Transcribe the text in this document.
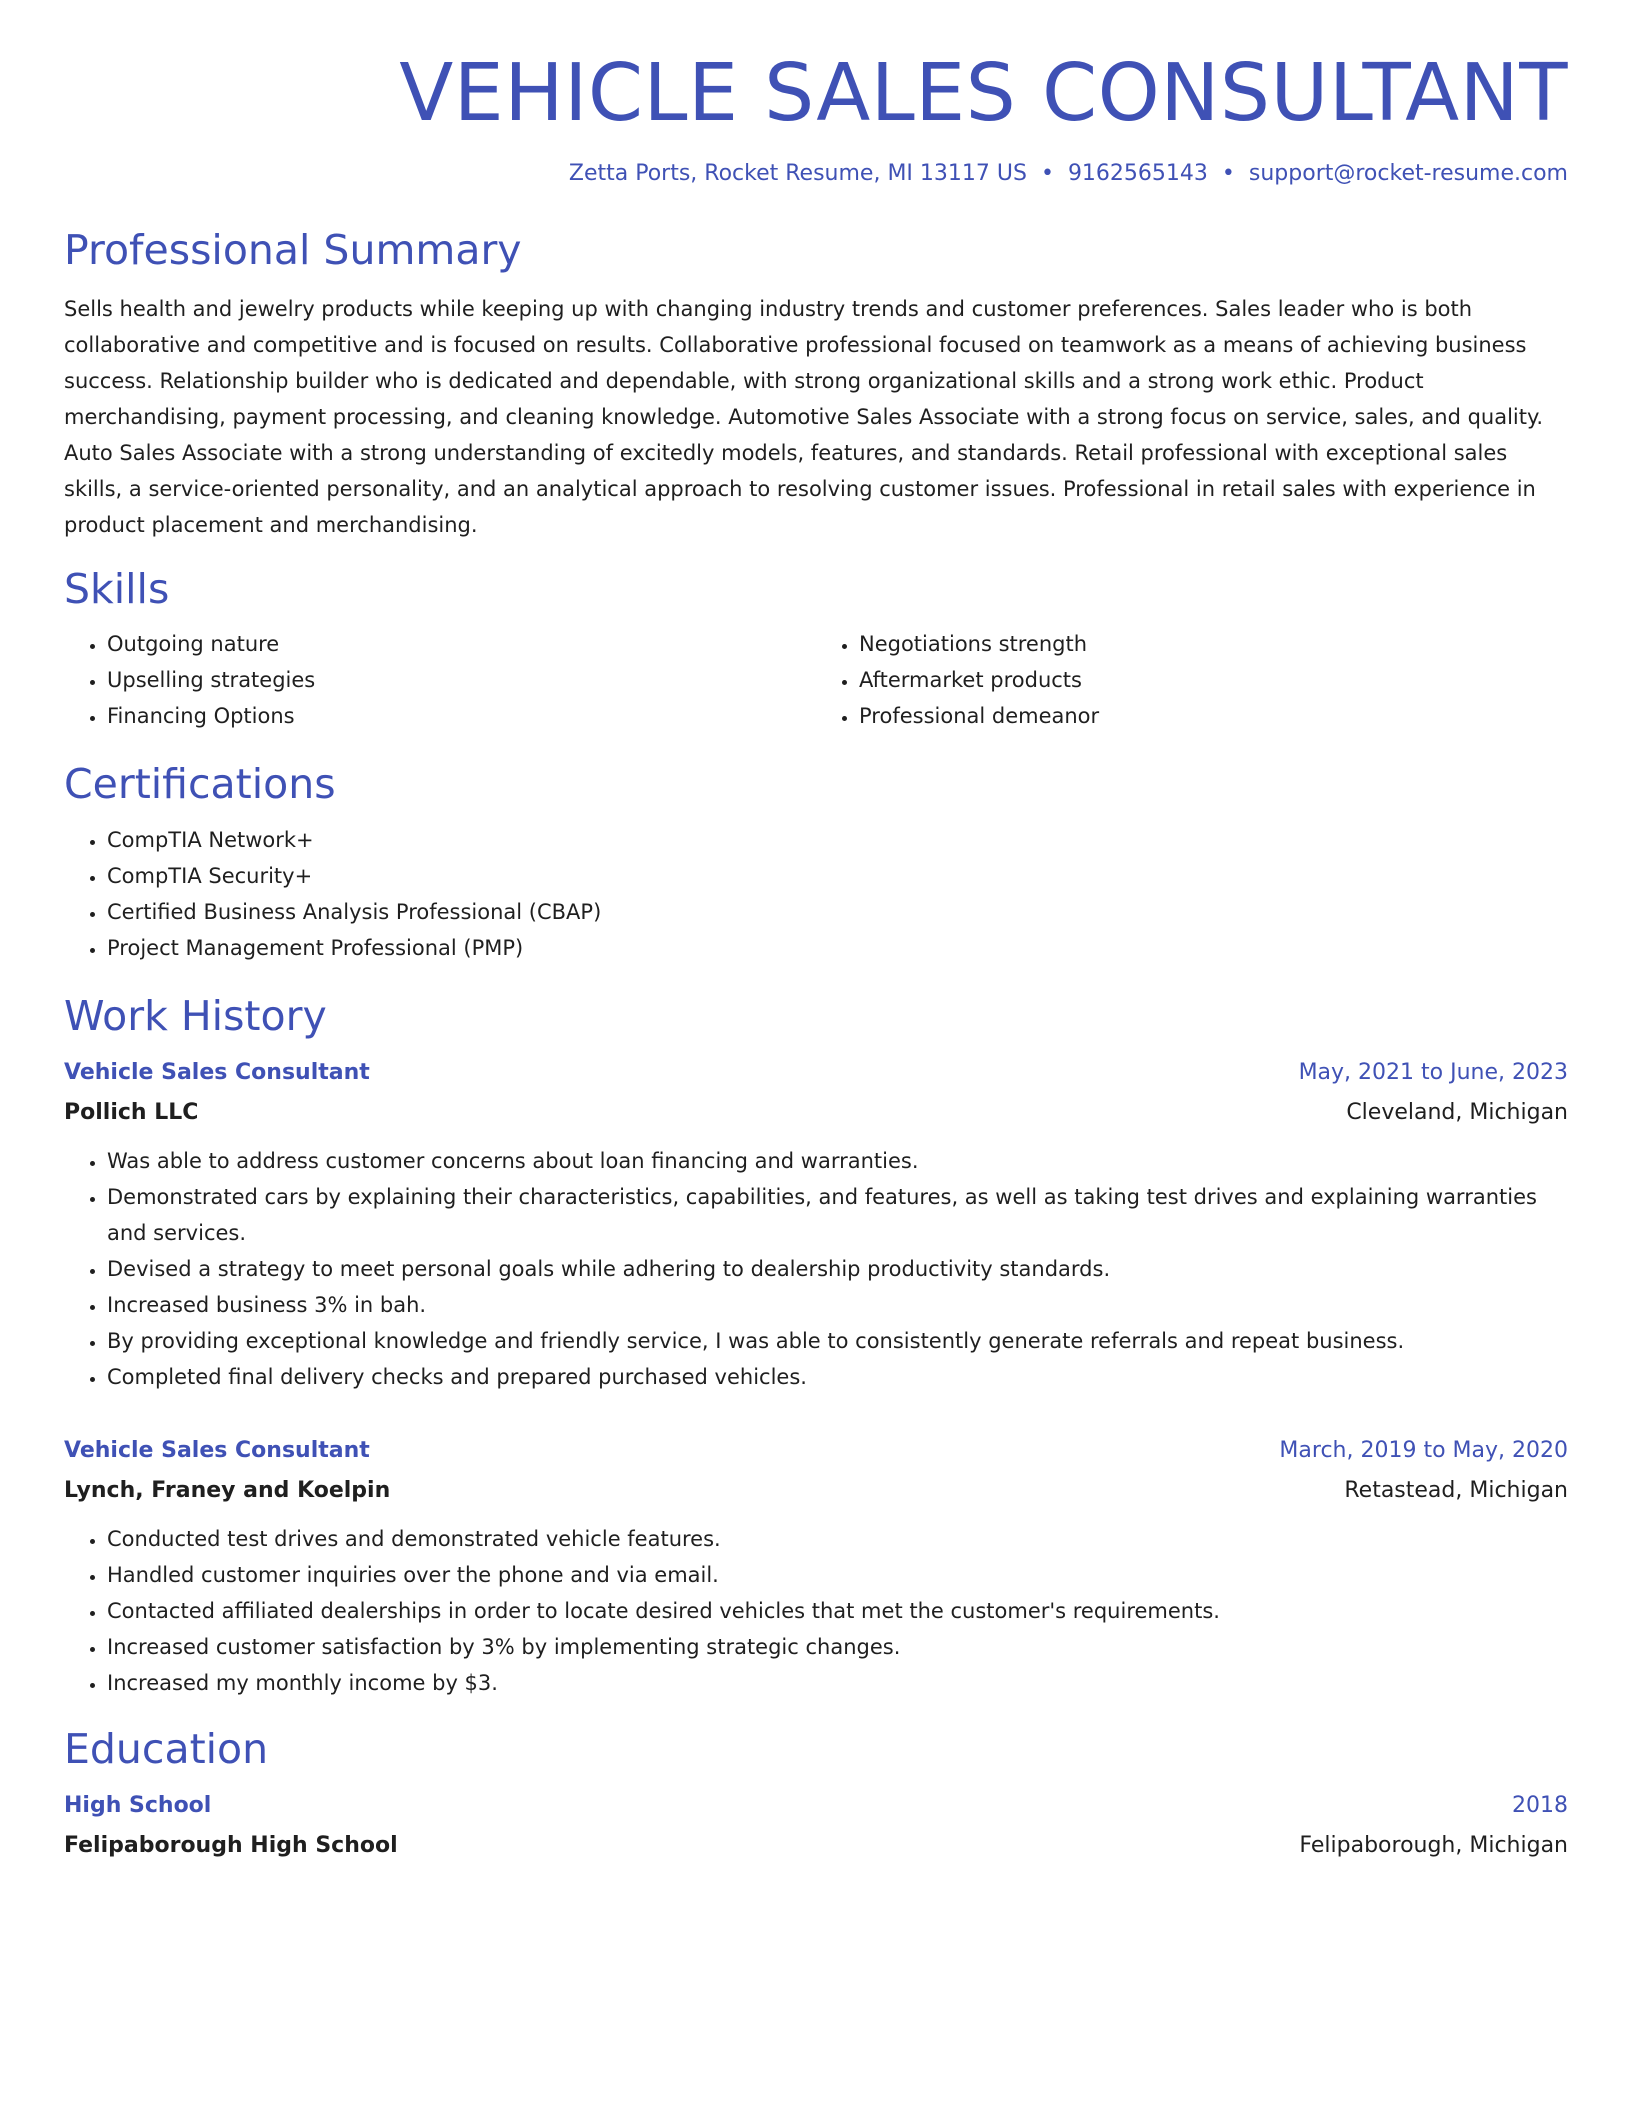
VEHICLE SALES CONSULTANT
Zetta Ports, Rocket Resume, MI 13117 US • 9162565143 • support@rocket-resume.com
Professional Summary

Sells health and jewelry products while keeping up with changing industry trends and customer preferences. Sales leader who is both collaborative and competitive and is focused on results. Collaborative professional focused on teamwork as a means of achieving business success. Relationship builder who is dedicated and dependable, with strong organizational skills and a strong work ethic. Product merchandising, payment processing, and cleaning knowledge. Automotive Sales Associate with a strong focus on service, sales, and quality. Auto Sales Associate with a strong understanding of excitedly models, features, and standards. Retail professional with exceptional sales skills, a service-oriented personality, and an analytical approach to resolving customer issues. Professional in retail sales with experience in product placement and merchandising.

Skills
• Outgoing nature
• Upselling strategies
• Financing Options
• Negotiations strength
• Aftermarket products
• Professional demeanor
Certifications
• CompTIA Network+
• CompTIA Security+
• Certified Business Analysis Professional (CBAP)
• Project Management Professional (PMP)
Work History
Vehicle Sales Consultant	May, 2021 to June, 2023
Pollich LLC	Cleveland, Michigan
• Was able to address customer concerns about loan financing and warranties.
• Demonstrated cars by explaining their characteristics, capabilities, and features, as well as taking test drives and explaining warranties and services.
• Devised a strategy to meet personal goals while adhering to dealership productivity standards.
• Increased business 3% in bah.
• By providing exceptional knowledge and friendly service, I was able to consistently generate referrals and repeat business.
• Completed final delivery checks and prepared purchased vehicles.
Vehicle Sales Consultant	March, 2019 to May, 2020
Lynch, Franey and Koelpin	Retastead, Michigan
• Conducted test drives and demonstrated vehicle features.
• Handled customer inquiries over the phone and via email.
• Contacted affiliated dealerships in order to locate desired vehicles that met the customer's requirements.
• Increased customer satisfaction by 3% by implementing strategic changes.
• Increased my monthly income by $3.
Education
High School	2018
Felipaborough High School	Felipaborough, Michigan
